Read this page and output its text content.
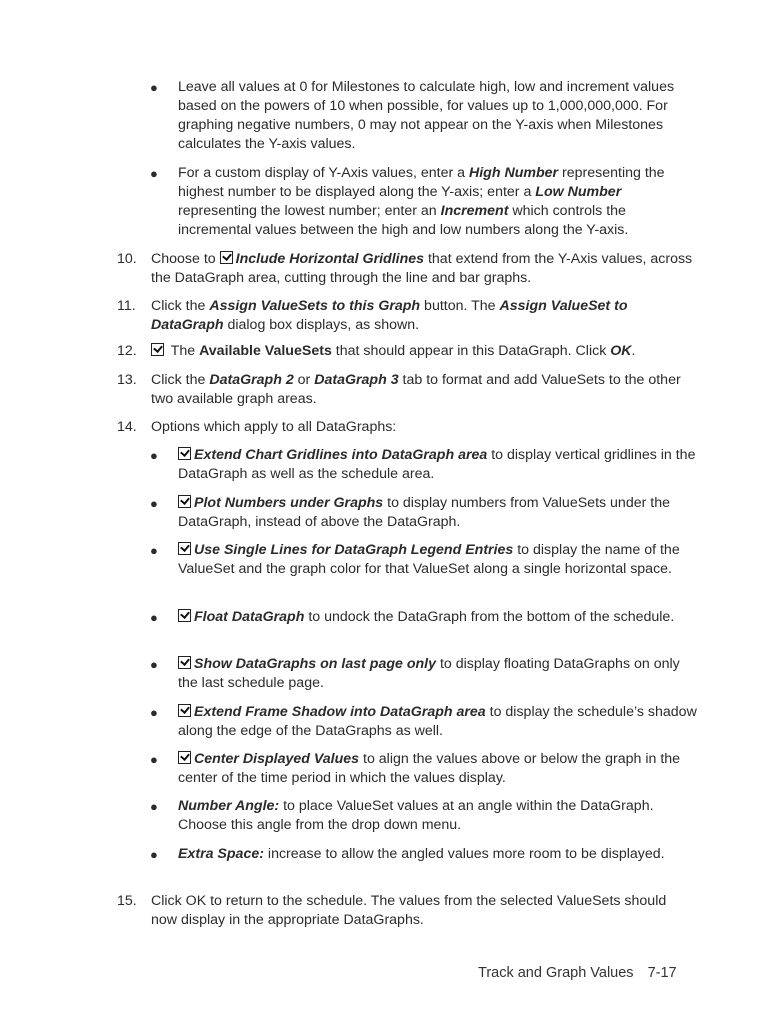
● Leave all values at 0 for Milestones to calculate high, low and increment values based on the powers of 10 when possible, for values up to 1,000,000,000. For graphing negative numbers, 0 may not appear on the Y-axis when Milestones calculates the Y-axis values.
● For a custom display of Y-Axis values, enter a High Number representing the highest number to be displayed along the Y-axis; enter a Low Number representing the lowest number; enter an Increment which controls the incremental values between the high and low numbers along the Y-axis.
10. Choose to Include Horizontal Gridlines that extend from the Y-Axis values, across the DataGraph area, cutting through the line and bar graphs.
11. Click the Assign ValueSets to this Graph button. The Assign ValueSet to DataGraph dialog box displays, as shown.
12.	The Available ValueSets that should appear in this DataGraph. Click OK.
13. Click the DataGraph 2 or DataGraph 3 tab to format and add ValueSets to the other two available graph areas.
14. Options which apply to all DataGraphs:
●	Extend Chart Gridlines into DataGraph area to display vertical gridlines in the DataGraph as well as the schedule area.
●	Plot Numbers under Graphs to display numbers from ValueSets under the DataGraph, instead of above the DataGraph.
●	Use Single Lines for DataGraph Legend Entries to display the name of the ValueSet and the graph color for that ValueSet along a single horizontal space.
●	Float DataGraph to undock the DataGraph from the bottom of the schedule.
●	Show DataGraphs on last page only to display floating DataGraphs on only the last schedule page.
●	Extend Frame Shadow into DataGraph area to display the schedule’s shadow along the edge of the DataGraphs as well.
●	Center Displayed Values to align the values above or below the graph in the center of the time period in which the values display.
● Number Angle: to place ValueSet values at an angle within the DataGraph. Choose this angle from the drop down menu.
● Extra Space: increase to allow the angled values more room to be displayed.
15. Click OK to return to the schedule. The values from the selected ValueSets should now display in the appropriate DataGraphs.
Track and Graph Values 7-17
